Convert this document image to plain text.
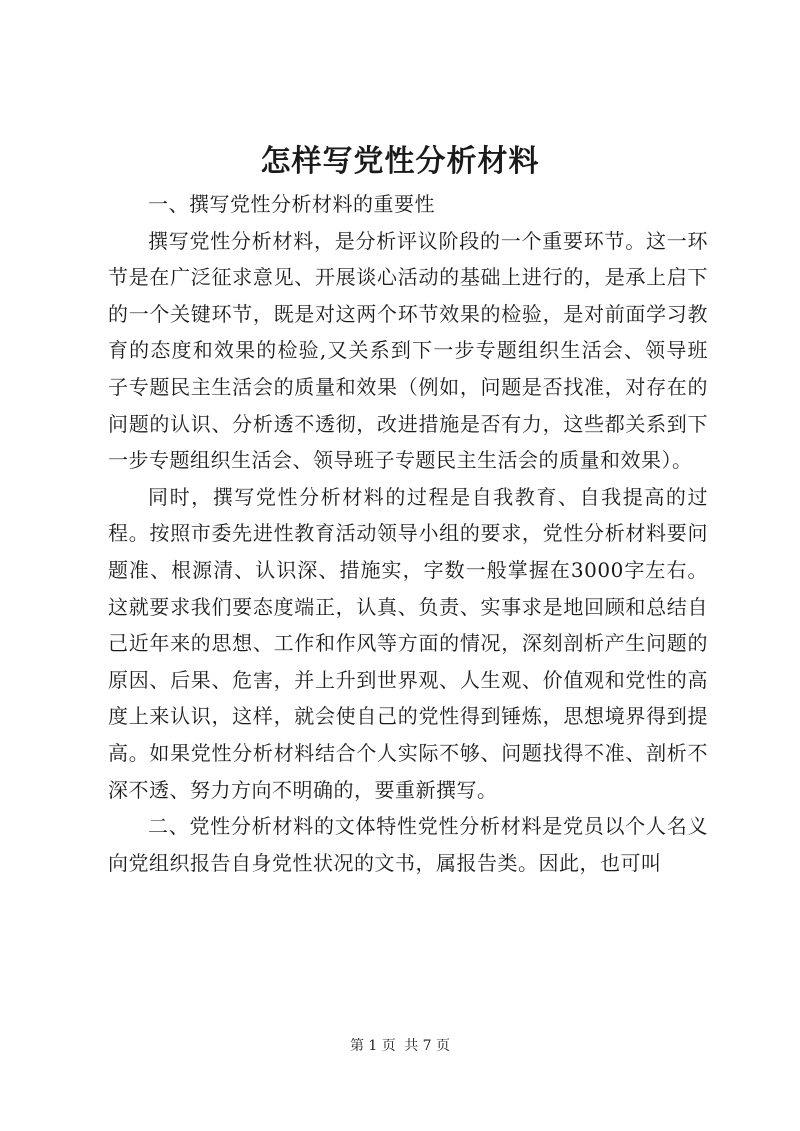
怎样写党性分析材料

一、撰写党性分析材料的重要性

撰写党性分析材料，是分析评议阶段的一个重要环节。这一环节是在广泛征求意见、开展谈心活动的基础上进行的，是承上启下的一个关键环节，既是对这两个环节效果的检验，是对前面学习教育的态度和效果的检验,又关系到下一步专题组织生活会、领导班子专题民主生活会的质量和效果（例如，问题是否找准，对存在的问题的认识、分析透不透彻，改进措施是否有力，这些都关系到下一步专题组织生活会、领导班子专题民主生活会的质量和效果）。

同时，撰写党性分析材料的过程是自我教育、自我提高的过程。按照市委先进性教育活动领导小组的要求，党性分析材料要问题准、根源清、认识深、措施实，字数一般掌握在3000字左右。这就要求我们要态度端正，认真、负责、实事求是地回顾和总结自己近年来的思想、工作和作风等方面的情况，深刻剖析产生问题的原因、后果、危害，并上升到世界观、人生观、价值观和党性的高度上来认识，这样，就会使自己的党性得到锤炼，思想境界得到提高。如果党性分析材料结合个人实际不够、问题找得不准、剖析不深不透、努力方向不明确的，要重新撰写。

二、党性分析材料的文体特性党性分析材料是党员以个人名义向党组织报告自身党性状况的文书，属报告类。因此，也可叫

第 1 页 共 7 页
